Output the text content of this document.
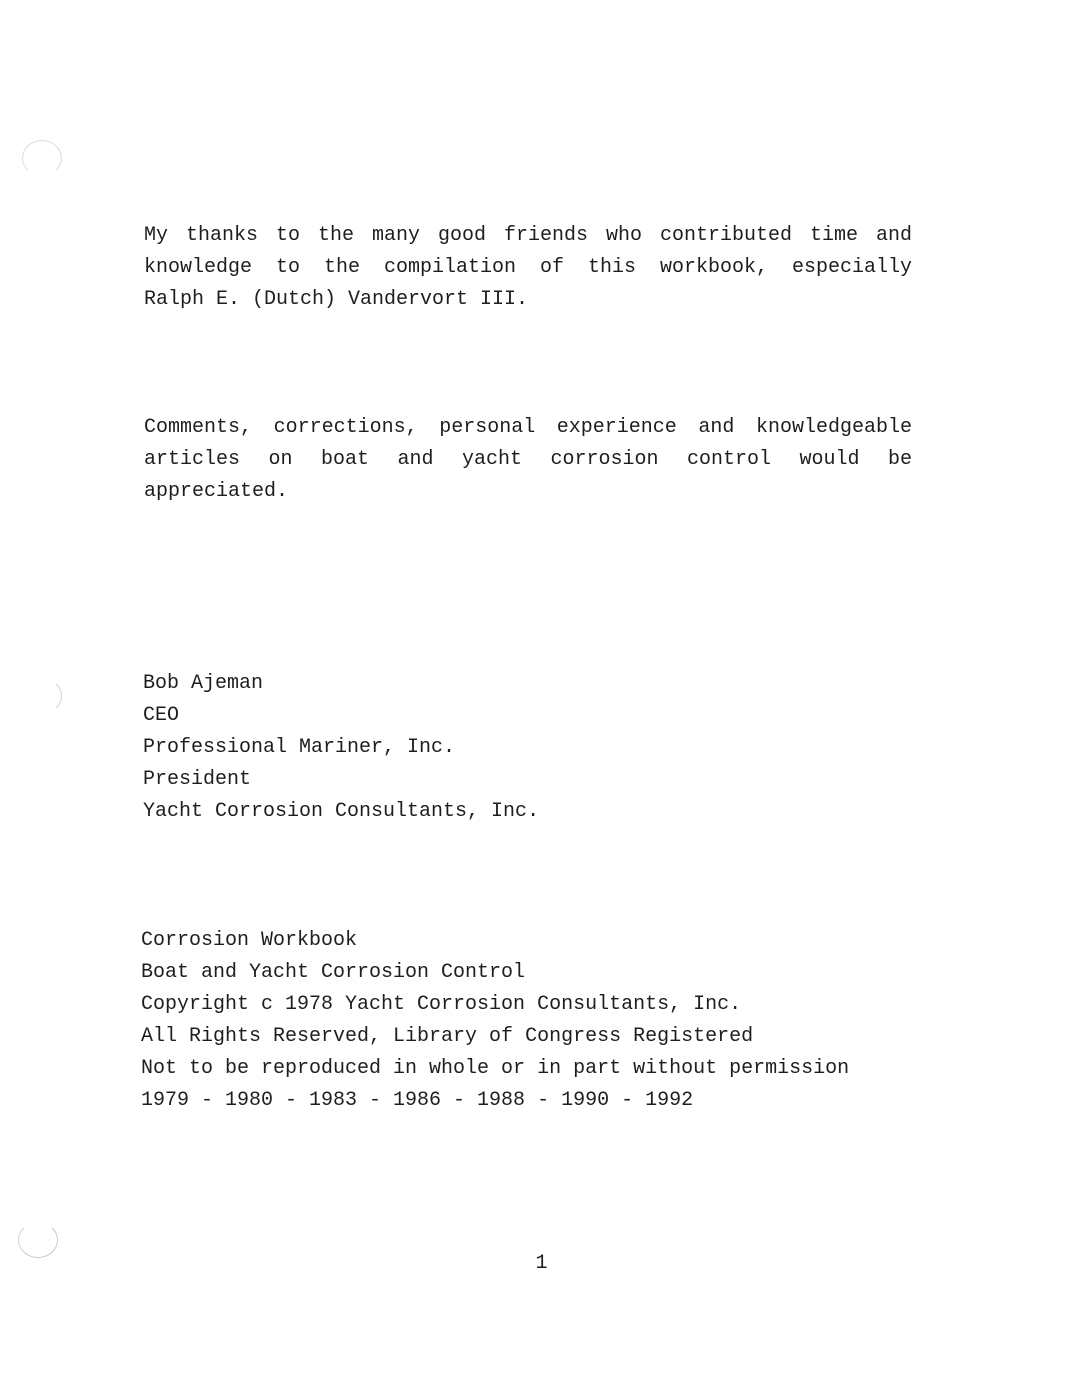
My thanks to the many good friends who contributed time and
knowledge to the compilation of this workbook, especially
Ralph E. (Dutch) Vandervort III.
Comments, corrections, personal experience and knowledgeable
articles on boat and yacht corrosion control would be
appreciated.
Bob Ajeman
CEO
Professional Mariner, Inc.
President
Yacht Corrosion Consultants, Inc.
Corrosion Workbook
Boat and Yacht Corrosion Control
Copyright c 1978 Yacht Corrosion Consultants, Inc.
All Rights Reserved, Library of Congress Registered
Not to be reproduced in whole or in part without permission
1979 - 1980 - 1983 - 1986 - 1988 - 1990 - 1992
1
